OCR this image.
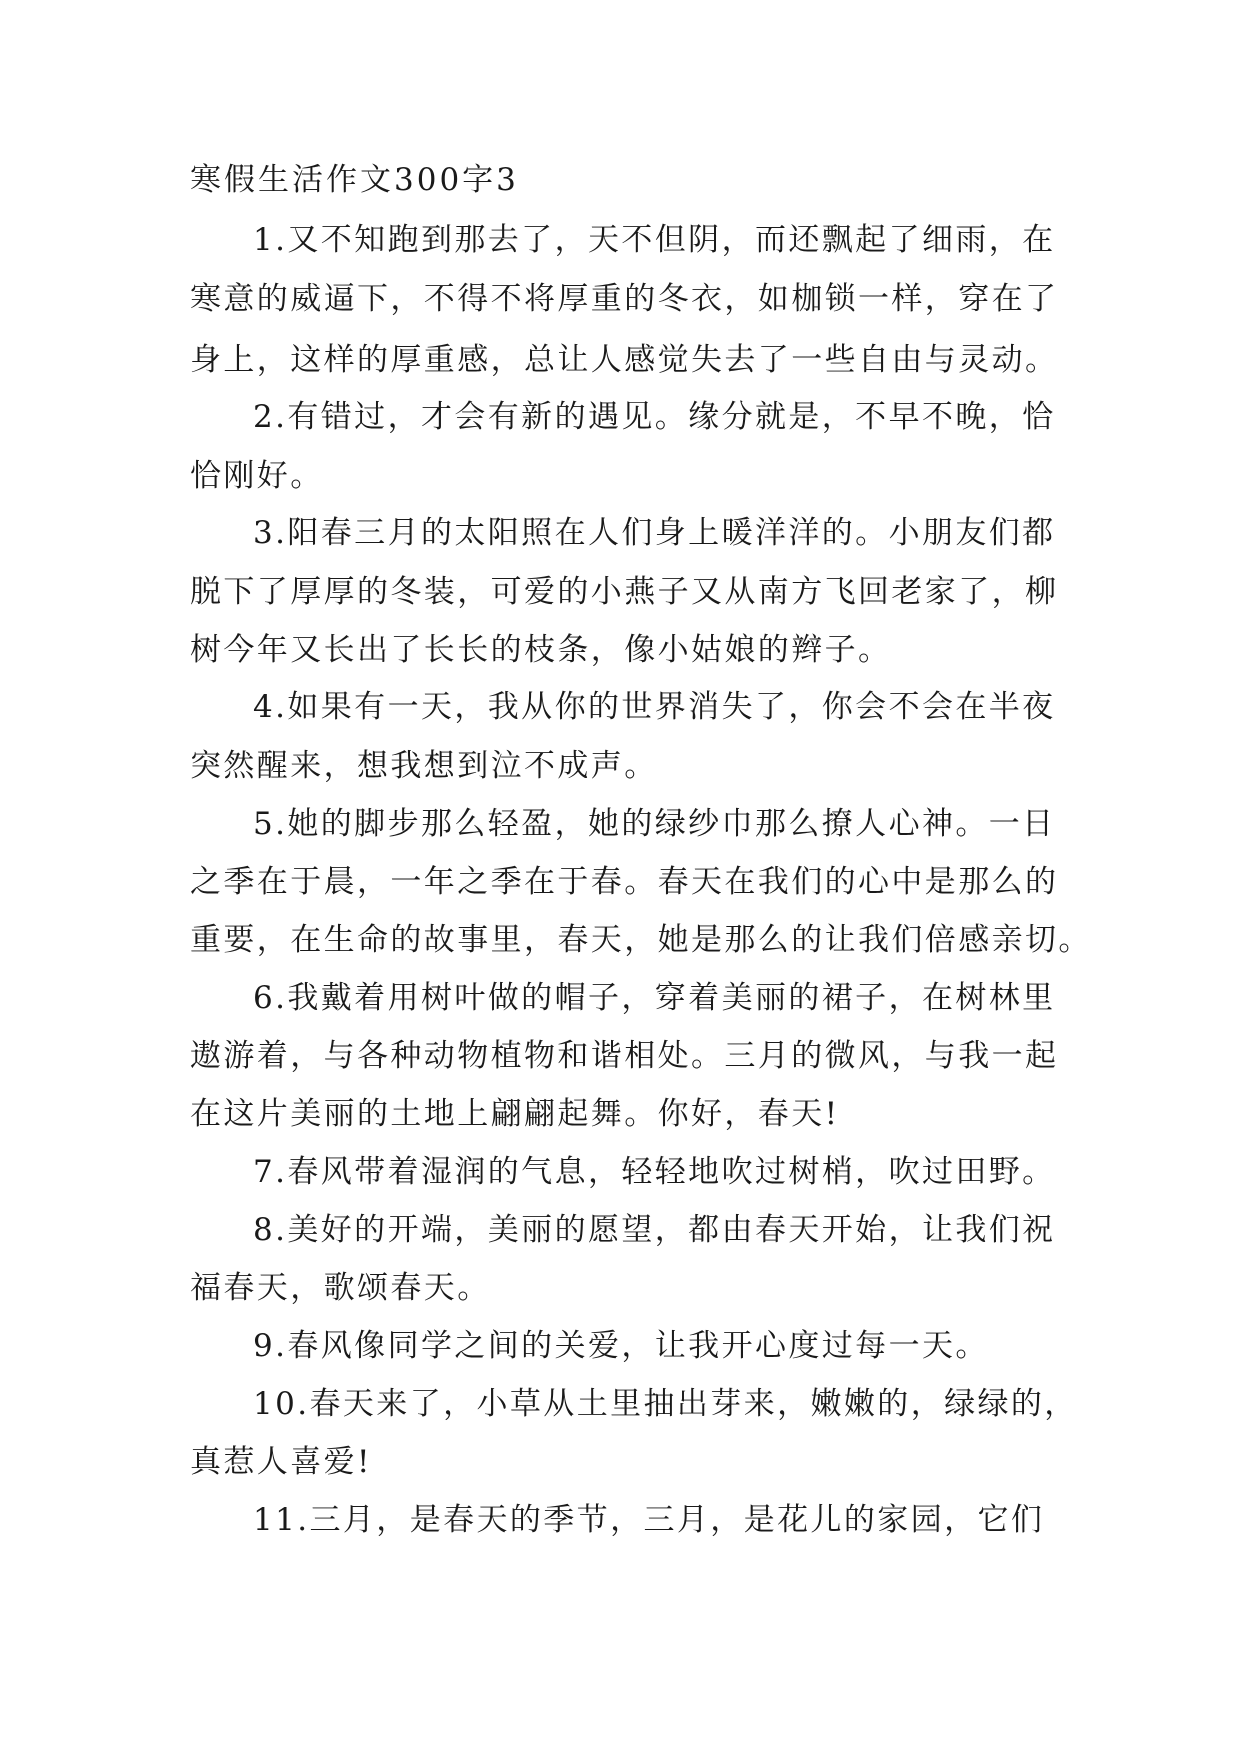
寒假生活作文300字3
1.又不知跑到那去了，天不但阴，而还飘起了细雨，在
寒意的威逼下，不得不将厚重的冬衣，如枷锁一样，穿在了
身上，这样的厚重感，总让人感觉失去了一些自由与灵动。
2.有错过，才会有新的遇见。缘分就是，不早不晚，恰
恰刚好。
3.阳春三月的太阳照在人们身上暖洋洋的。小朋友们都
脱下了厚厚的冬装，可爱的小燕子又从南方飞回老家了，柳
树今年又长出了长长的枝条，像小姑娘的辫子。
4.如果有一天，我从你的世界消失了，你会不会在半夜
突然醒来，想我想到泣不成声。
5.她的脚步那么轻盈，她的绿纱巾那么撩人心神。一日
之季在于晨，一年之季在于春。春天在我们的心中是那么的
重要，在生命的故事里，春天，她是那么的让我们倍感亲切。
6.我戴着用树叶做的帽子，穿着美丽的裙子，在树林里
遨游着，与各种动物植物和谐相处。三月的微风，与我一起
在这片美丽的土地上翩翩起舞。你好，春天!
7.春风带着湿润的气息，轻轻地吹过树梢，吹过田野。
8.美好的开端，美丽的愿望，都由春天开始，让我们祝
福春天，歌颂春天。
9.春风像同学之间的关爱，让我开心度过每一天。
10.春天来了，小草从土里抽出芽来，嫩嫩的，绿绿的，
真惹人喜爱!
11.三月，是春天的季节，三月，是花儿的家园，它们
